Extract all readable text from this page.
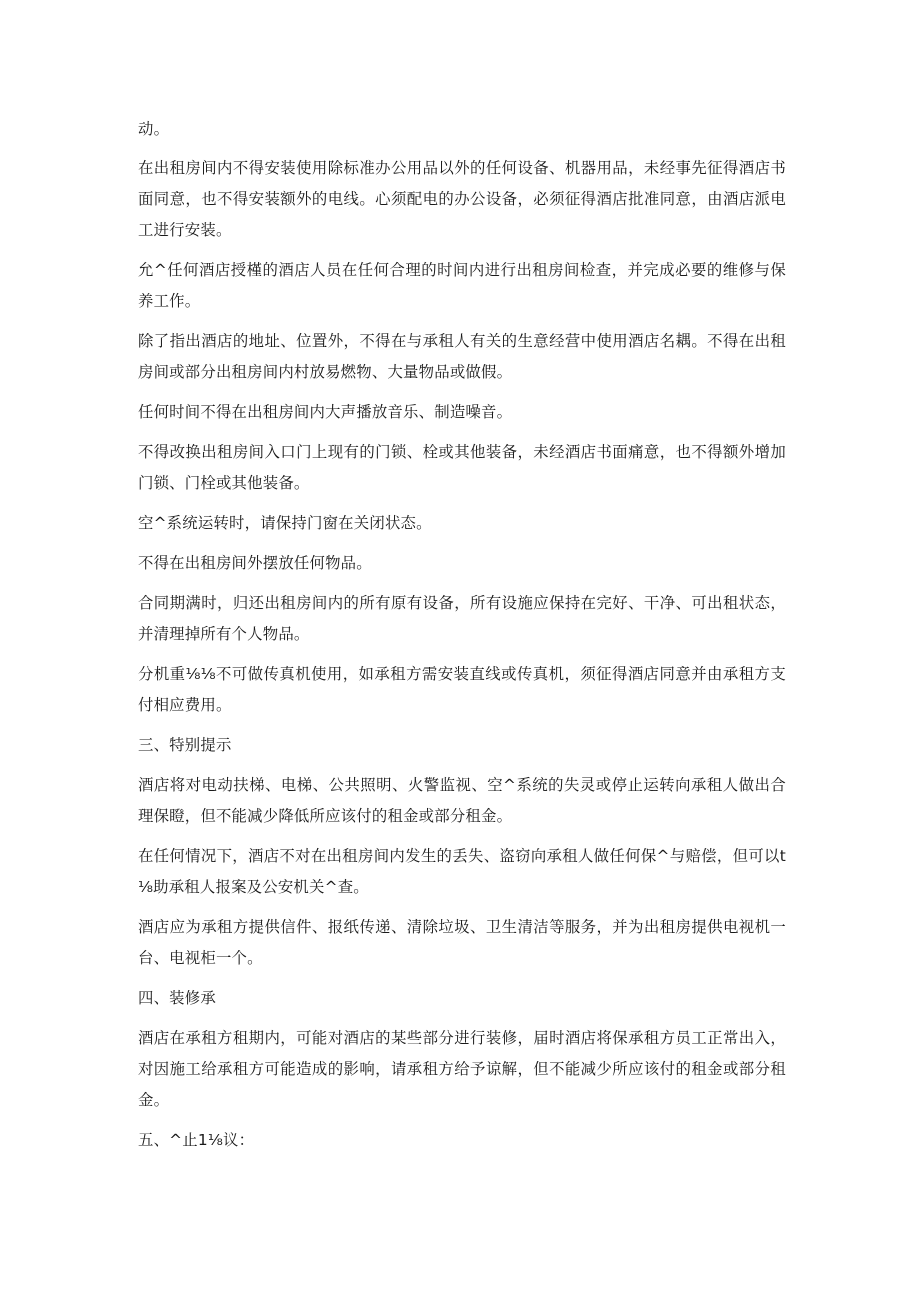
动。

在出租房间内不得安装使用除标准办公用品以外的任何设备、机器用品，未经事先征得酒店书面同意，也不得安装额外的电线。心须配电的办公设备，必须征得酒店批准同意，由酒店派电工进行安装。

允^任何酒店授槿的酒店人员在任何合理的时间内进行出租房间检查，并完成必要的维修与保养工作。

除了指出酒店的地址、位置外，不得在与承租人有关的生意经营中使用酒店名耦。不得在出租房间或部分出租房间内村放易燃物、大量物品或做假。

任何时间不得在出租房间内大声播放音乐、制造噪音。

不得改换出租房间入口门上现有的门锁、栓或其他装备，未经酒店书面痛意，也不得额外增加门锁、门栓或其他装备。

空^系统运转时，请保持门窗在关闭状态。

不得在出租房间外摆放任何物品。

合同期满时，归还出租房间内的所有原有设备，所有设施应保持在完好、干净、可出租状态，并清理掉所有个人物品。

分机重⅛⅛不可做传真机使用，如承租方需安装直线或传真机，须征得酒店同意并由承租方支付相应费用。

三、特别提示

酒店将对电动扶梯、电梯、公共照明、火警监视、空^系统的失灵或停止运转向承租人做出合理保瞪，但不能减少降低所应该付的租金或部分租金。

在任何情况下，酒店不对在出租房间内发生的丢失、盗窃向承租人做任何保^与赔偿，但可以t⅛助承租人报案及公安机关^查。

酒店应为承租方提供信件、报纸传递、清除垃圾、卫生清洁等服务，并为出租房提供电视机一台、电视柜一个。

四、装修承

酒店在承租方租期内，可能对酒店的某些部分进行装修，届时酒店将保承租方员工正常出入，对因施工给承租方可能造成的影响，请承租方给予谅解，但不能减少所应该付的租金或部分租金。

五、^止1⅛议：
